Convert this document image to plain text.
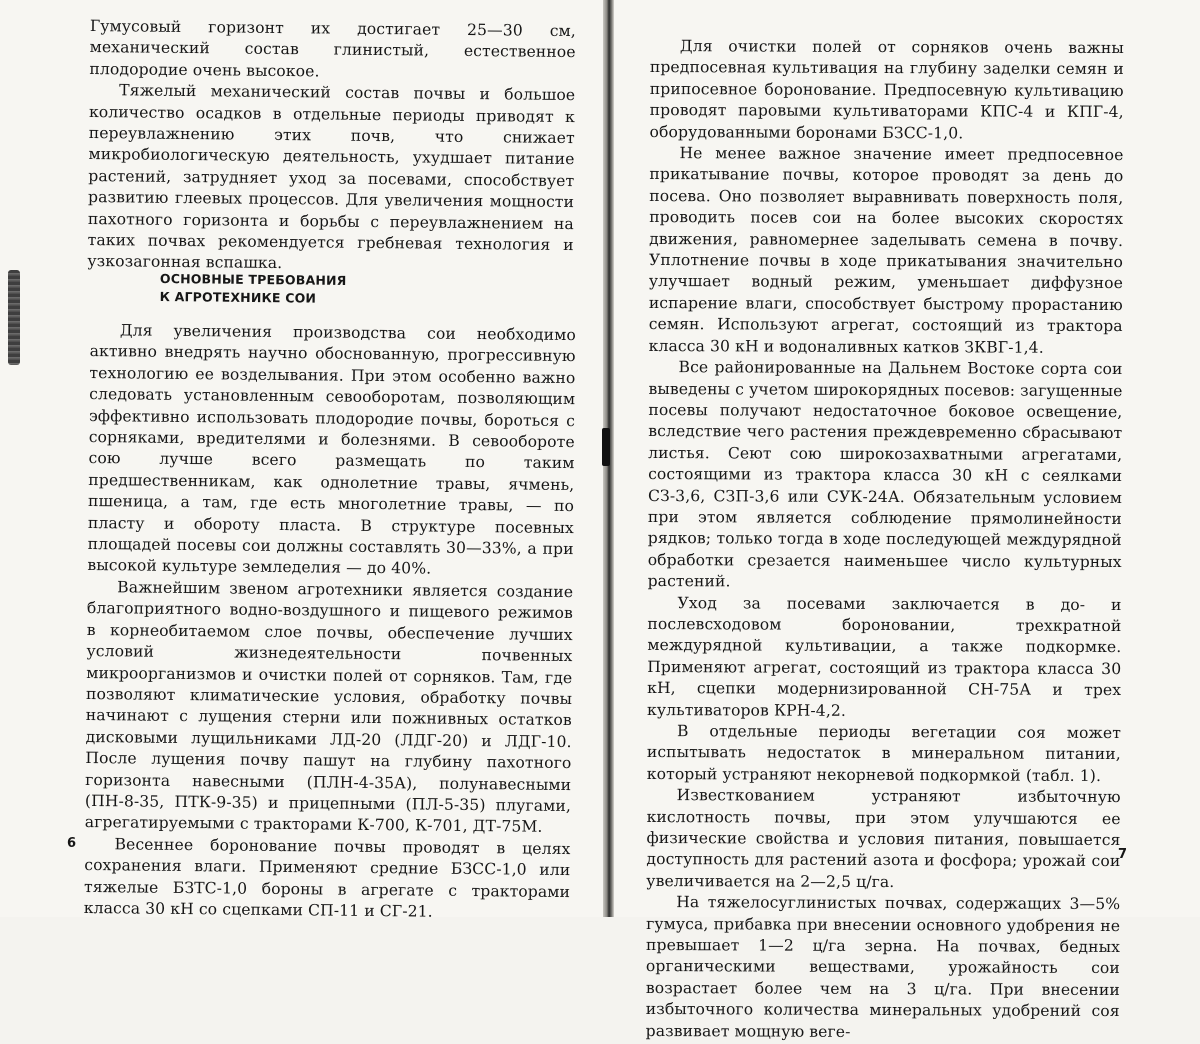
Гумусовый горизонт их достигает 25—30 см, механический состав глинистый, естественное плодородие очень высокое.

Тяжелый механический состав почвы и большое количество осадков в отдельные периоды приводят к переувлажнению этих почв, что снижает микробиологическую деятельность, ухудшает питание растений, затрудняет уход за посевами, способствует развитию глеевых процессов. Для увеличения мощности пахотного горизонта и борьбы с переувлажнением на таких почвах рекомендуется гребневая технология и узкозагонная вспашка.

ОСНОВНЫЕ ТРЕБОВАНИЯ
К АГРОТЕХНИКЕ СОИ

Для увеличения производства сои необходимо активно внедрять научно обоснованную, прогрессивную технологию ее возделывания. При этом особенно важно следовать установленным севооборотам, позволяющим эффективно использовать плодородие почвы, бороться с сорняками, вредителями и болезнями. В севообороте сою лучше всего размещать по таким предшественникам, как однолетние травы, ячмень, пшеница, а там, где есть многолетние травы, — по пласту и обороту пласта. В структуре посевных площадей посевы сои должны составлять 30—33%, а при высокой культуре земледелия — до 40%.

Важнейшим звеном агротехники является создание благоприятного водно-воздушного и пищевого режимов в корнеобитаемом слое почвы, обеспечение лучших условий жизнедеятельности почвенных микроорганизмов и очистки полей от сорняков. Там, где позволяют климатические условия, обработку почвы начинают с лущения стерни или пожнивных остатков дисковыми лущильниками ЛД-20 (ЛДГ-20) и ЛДГ-10. После лущения почву пашут на глубину пахотного горизонта навесными (ПЛН-4-35А), полунавесными (ПН-8-35, ПТК-9-35) и прицепными (ПЛ-5-35) плугами, агрегатируемыми с тракторами К-700, К-701, ДТ-75М.

Весеннее боронование почвы проводят в целях сохранения влаги. Применяют средние БЗСС-1,0 или тяжелые БЗТС-1,0 бороны в агрегате с тракторами класса 30 кН со сцепками СП-11 и СГ-21.

6

Для очистки полей от сорняков очень важны предпосевная культивация на глубину заделки семян и припосевное боронование. Предпосевную культивацию проводят паровыми культиваторами КПС-4 и КПГ-4, оборудованными боронами БЗСС-1,0.

Не менее важное значение имеет предпосевное прикатывание почвы, которое проводят за день до посева. Оно позволяет выравнивать поверхность поля, проводить посев сои на более высоких скоростях движения, равномернее заделывать семена в почву. Уплотнение почвы в ходе прикатывания значительно улучшает водный режим, уменьшает диффузное испарение влаги, способствует быстрому прорастанию семян. Используют агрегат, состоящий из трактора класса 30 кН и водоналивных катков ЗКВГ-1,4.

Все районированные на Дальнем Востоке сорта сои выведены с учетом широкорядных посевов: загущенные посевы получают недостаточное боковое освещение, вследствие чего растения преждевременно сбрасывают листья. Сеют сою широкозахватными агрегатами, состоящими из трактора класса 30 кН с сеялками СЗ-3,6, СЗП-3,6 или СУК-24А. Обязательным условием при этом является соблюдение прямолинейности рядков; только тогда в ходе последующей междурядной обработки срезается наименьшее число культурных растений.

Уход за посевами заключается в до- и послевсходовом бороновании, трехкратной междурядной культивации, а также подкормке. Применяют агрегат, состоящий из трактора класса 30 кН, сцепки модернизированной СН-75А и трех культиваторов КРН-4,2.

В отдельные периоды вегетации соя может испытывать недостаток в минеральном питании, который устраняют некорневой подкормкой (табл. 1).

Известкованием устраняют избыточную кислотность почвы, при этом улучшаются ее физические свойства и условия питания, повышается доступность для растений азота и фосфора; урожай сои увеличивается на 2—2,5 ц/га.

На тяжелосуглинистых почвах, содержащих 3—5% гумуса, прибавка при внесении основного удобрения не превышает 1—2 ц/га зерна. На почвах, бедных органическими веществами, урожайность сои возрастает более чем на 3 ц/га. При внесении избыточного количества минеральных удобрений соя развивает мощную веге-

7
